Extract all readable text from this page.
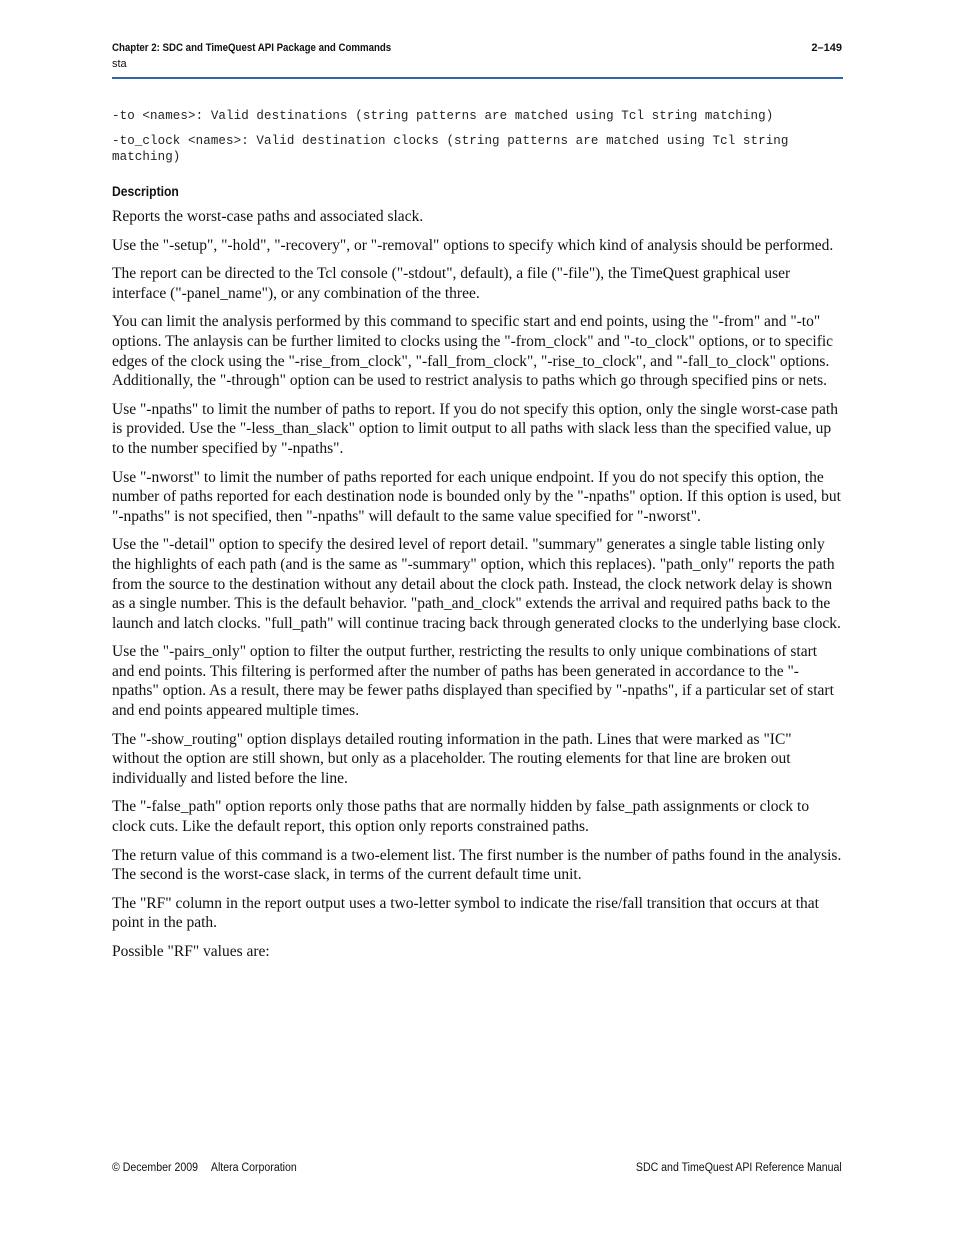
Chapter 2: SDC and TimeQuest API Package and Commands	2–149
sta
-to <names>: Valid destinations (string patterns are matched using Tcl string matching)
-to_clock <names>: Valid destination clocks (string patterns are matched using Tcl string matching)
Description

Reports the worst-case paths and associated slack.

Use the "-setup", "-hold", "-recovery", or "-removal" options to specify which kind of analysis should be performed.

The report can be directed to the Tcl console ("-stdout", default), a file ("-file"), the TimeQuest graphical user interface ("-panel_name"), or any combination of the three.

You can limit the analysis performed by this command to specific start and end points, using the "-from" and "-to" options. The anlaysis can be further limited to clocks using the "-from_clock" and "-to_clock" options, or to specific edges of the clock using the "-rise_from_clock", "-fall_from_clock", "-rise_to_clock", and "-fall_to_clock" options. Additionally, the "-through" option can be used to restrict analysis to paths which go through specified pins or nets.

Use "-npaths" to limit the number of paths to report. If you do not specify this option, only the single worst-case path is provided. Use the "-less_than_slack" option to limit output to all paths with slack less than the specified value, up to the number specified by "-npaths".

Use "-nworst" to limit the number of paths reported for each unique endpoint. If you do not specify this option, the number of paths reported for each destination node is bounded only by the "-npaths" option. If this option is used, but "-npaths" is not specified, then "-npaths" will default to the same value specified for "-nworst".

Use the "-detail" option to specify the desired level of report detail. "summary" generates a single table listing only the highlights of each path (and is the same as "-summary" option, which this replaces). "path_only" reports the path from the source to the destination without any detail about the clock path. Instead, the clock network delay is shown as a single number. This is the default behavior. "path_and_clock" extends the arrival and required paths back to the launch and latch clocks. "full_path" will continue tracing back through generated clocks to the underlying base clock.

Use the "-pairs_only" option to filter the output further, restricting the results to only unique combinations of start and end points. This filtering is performed after the number of paths has been generated in accordance to the "-npaths" option. As a result, there may be fewer paths displayed than specified by "-npaths", if a particular set of start and end points appeared multiple times.

The "-show_routing" option displays detailed routing information in the path. Lines that were marked as "IC" without the option are still shown, but only as a placeholder. The routing elements for that line are broken out individually and listed before the line.

The "-false_path" option reports only those paths that are normally hidden by false_path assignments or clock to clock cuts. Like the default report, this option only reports constrained paths.

The return value of this command is a two-element list. The first number is the number of paths found in the analysis. The second is the worst-case slack, in terms of the current default time unit.

The "RF" column in the report output uses a two-letter symbol to indicate the rise/fall transition that occurs at that point in the path.

Possible "RF" values are:

© December 2009 Altera Corporation	SDC and TimeQuest API Reference Manual
